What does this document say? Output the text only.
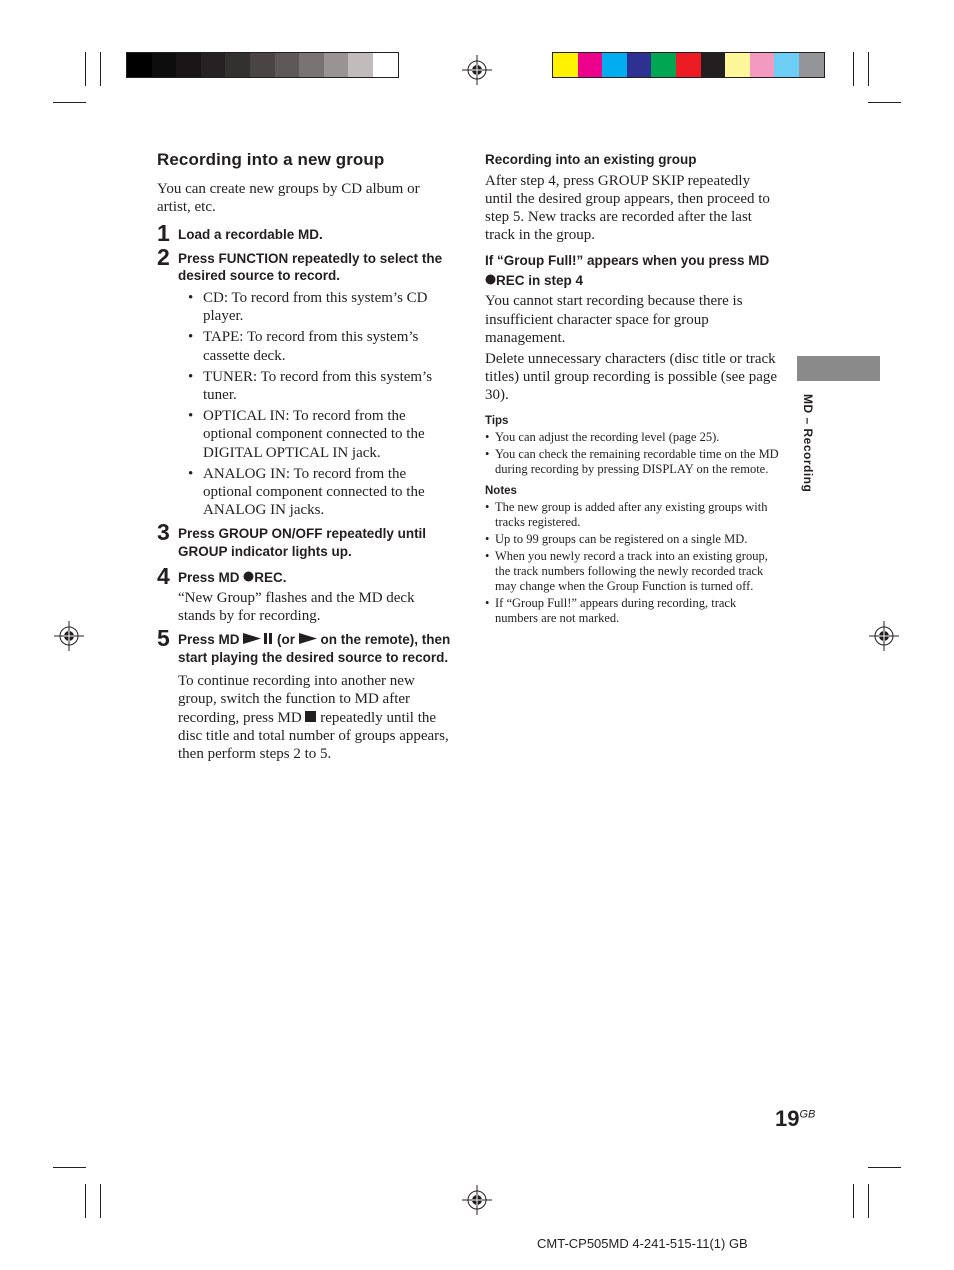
Recording into a new group
You can create new groups by CD album or artist, etc.
1 Load a recordable MD.
2 Press FUNCTION repeatedly to select the desired source to record.
• CD: To record from this system’s CD player.
• TAPE: To record from this system’s cassette deck.
• TUNER: To record from this system’s tuner.
• OPTICAL IN: To record from the optional component connected to the DIGITAL OPTICAL IN jack.
• ANALOG IN: To record from the optional component connected to the ANALOG IN jacks.
3 Press GROUP ON/OFF repeatedly until GROUP indicator lights up.
4 Press MD REC.
“New Group” flashes and the MD deck stands by for recording.
5 Press MD  (or  on the remote), then start playing the desired source to record.
To continue recording into another new group, switch the function to MD after recording, press MD  repeatedly until the disc title and total number of groups appears, then perform steps 2 to 5.
Recording into an existing group
After step 4, press GROUP SKIP repeatedly until the desired group appears, then proceed to step 5. New tracks are recorded after the last track in the group.
If “Group Full!” appears when you press MD REC in step 4
You cannot start recording because there is insufficient character space for group management.
Delete unnecessary characters (disc title or track titles) until group recording is possible (see page 30).
Tips
• You can adjust the recording level (page 25).
• You can check the remaining recordable time on the MD during recording by pressing DISPLAY on the remote.
Notes
• The new group is added after any existing groups with tracks registered.
• Up to 99 groups can be registered on a single MD.
• When you newly record a track into an existing group, the track numbers following the newly recorded track may change when the Group Function is turned off.
• If “Group Full!” appears during recording, track numbers are not marked.
MD – Recording
$19^{GB}$
CMT-CP505MD 4-241-515-11(1) GB
